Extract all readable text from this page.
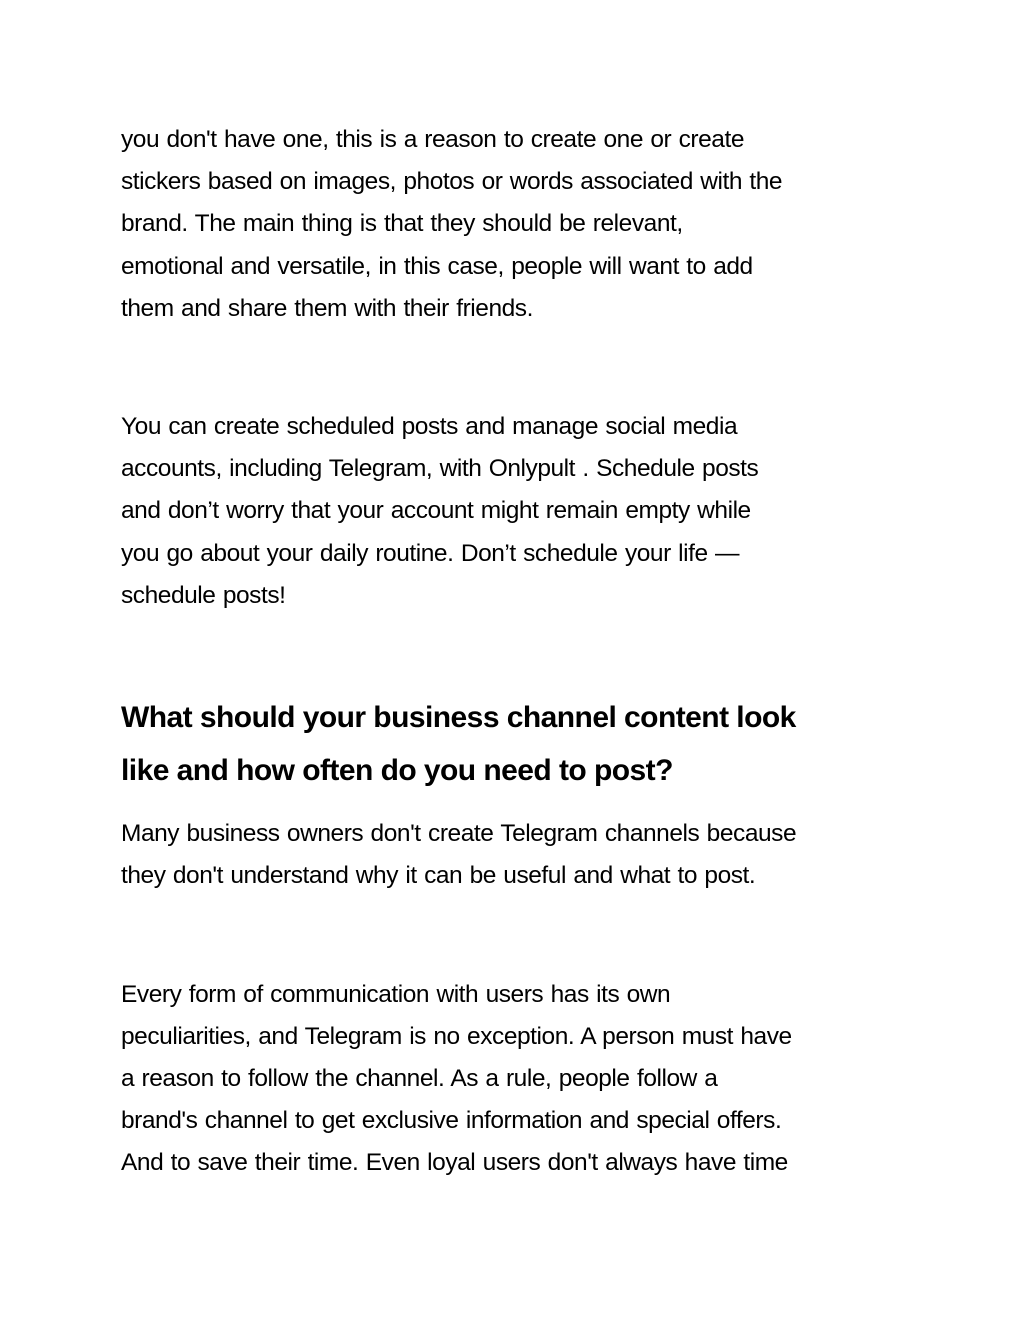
you don't have one, this is a reason to create one or create

stickers based on images, photos or words associated with the

brand. The main thing is that they should be relevant,

emotional and versatile, in this case, people will want to add

them and share them with their friends.

You can create scheduled posts and manage social media

accounts, including Telegram, with Onlypult . Schedule posts

and don’t worry that your account might remain empty while

you go about your daily routine. Don’t schedule your life —

schedule posts!

What should your business channel content look
like and how often do you need to post?

Many business owners don't create Telegram channels because

they don't understand why it can be useful and what to post.

Every form of communication with users has its own

peculiarities, and Telegram is no exception. A person must have

a reason to follow the channel. As a rule, people follow a

brand's channel to get exclusive information and special offers.

And to save their time. Even loyal users don't always have time
